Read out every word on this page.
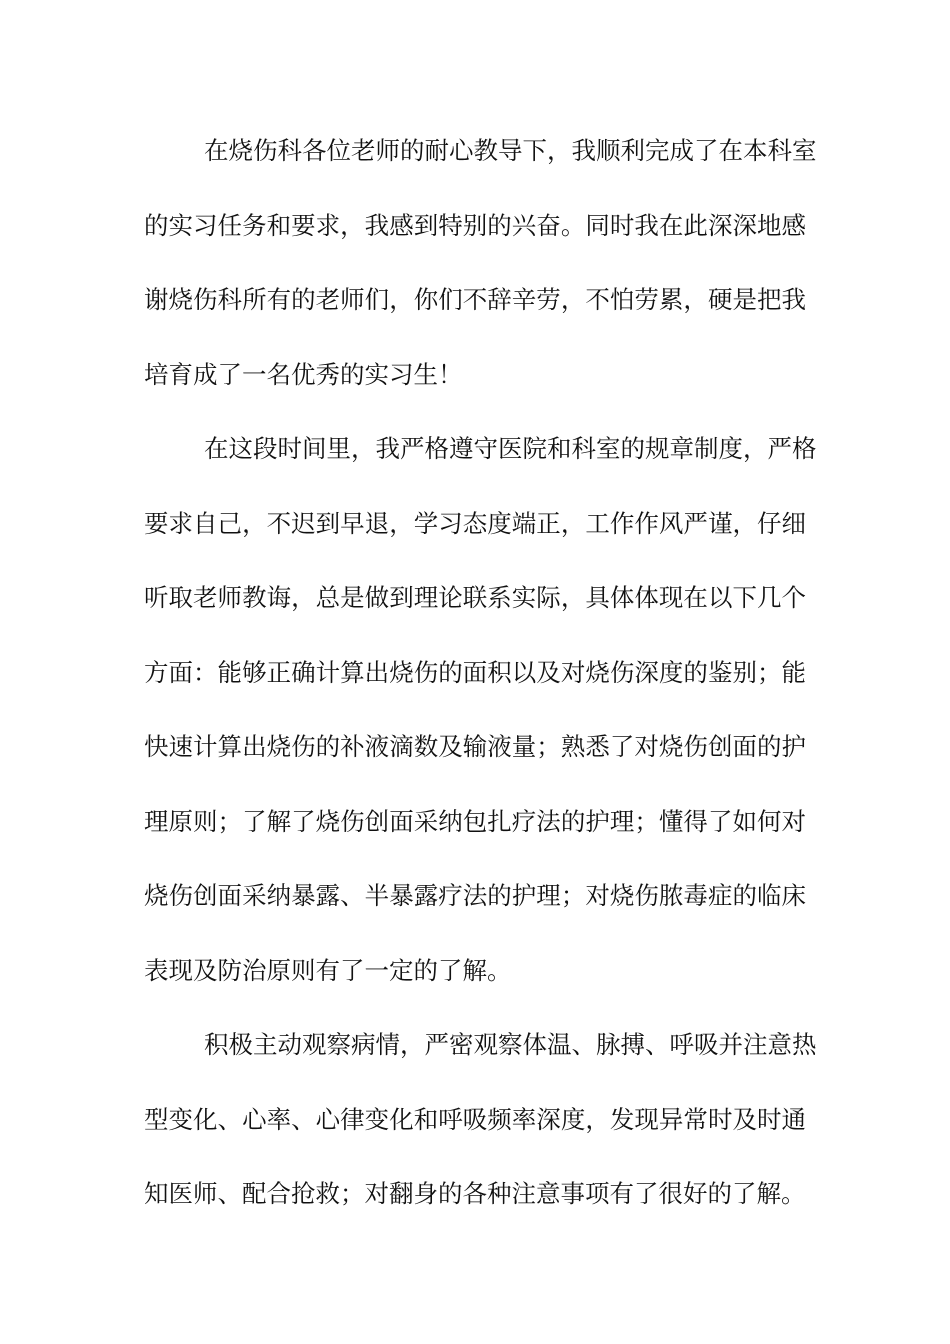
在烧伤科各位老师的耐心教导下，我顺利完成了在本科室
的实习任务和要求，我感到特别的兴奋。同时我在此深深地感
谢烧伤科所有的老师们，你们不辞辛劳，不怕劳累，硬是把我
培育成了一名优秀的实习生！

在这段时间里，我严格遵守医院和科室的规章制度，严格
要求自己，不迟到早退，学习态度端正，工作作风严谨，仔细
听取老师教诲，总是做到理论联系实际，具体体现在以下几个
方面：能够正确计算出烧伤的面积以及对烧伤深度的鉴别；能
快速计算出烧伤的补液滴数及输液量；熟悉了对烧伤创面的护
理原则；了解了烧伤创面采纳包扎疗法的护理；懂得了如何对
烧伤创面采纳暴露、半暴露疗法的护理；对烧伤脓毒症的临床
表现及防治原则有了一定的了解。

积极主动观察病情，严密观察体温、脉搏、呼吸并注意热
型变化、心率、心律变化和呼吸频率深度，发现异常时及时通
知医师、配合抢救；对翻身的各种注意事项有了很好的了解。
